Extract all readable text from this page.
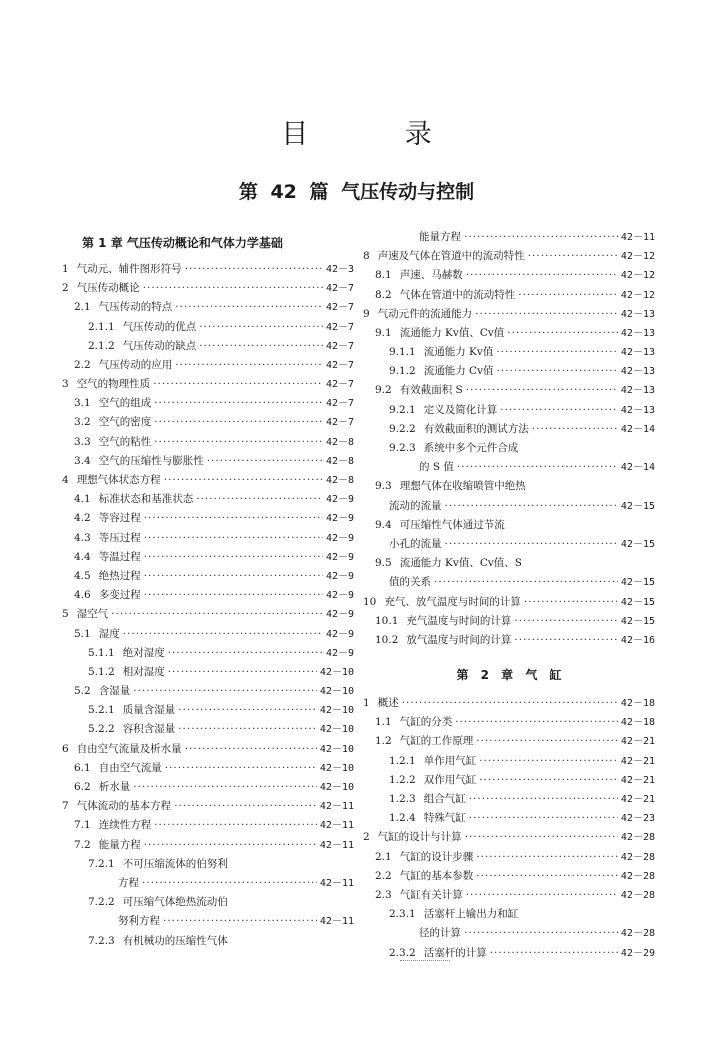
目 录
第 42 篇 气压传动与控制
第 1 章 气压传动概论和气体力学基础
1 气动元、辅件图形符号 ·····	42－3
2 气压传动概论 ·····	42－7
2.1 气压传动的特点 ·····	42－7
2.1.1 气压传动的优点 ·····	42－7
2.1.2 气压传动的缺点 ·····	42－7
2.2 气压传动的应用 ·····	42－7
3 空气的物理性质 ·····	42－7
3.1 空气的组成 ·····	42－7
3.2 空气的密度 ·····	42－7
3.3 空气的粘性 ·····	42－8
3.4 空气的压缩性与膨胀性 ·····	42－8
4 理想气体状态方程 ·····	42－8
4.1 标准状态和基准状态 ·····	42－9
4.2 等容过程 ·····	42－9
4.3 等压过程 ·····	42－9
4.4 等温过程 ·····	42－9
4.5 绝热过程 ·····	42－9
4.6 多变过程 ·····	42－9
5 湿空气 ·····	42－9
5.1 湿度 ·····	42－9
5.1.1 绝对湿度 ·····	42－9
5.1.2 相对湿度 ·····	42－10
5.2 含湿量 ·····	42－10
5.2.1 质量含湿量 ·····	42－10
5.2.2 容积含湿量 ·····	42－10
6 自由空气流量及析水量 ·····	42－10
6.1 自由空气流量 ·····	42－10
6.2 析水量 ·····	42－10
7 气体流动的基本方程 ·····	42－11
7.1 连续性方程 ·····	42－11
7.2 能量方程 ·····	42－11
7.2.1 不可压缩流体的伯努利
方程 ·····	42－11
7.2.2 可压缩气体绝热流动伯
努利方程 ·····	42－11
7.2.3 有机械功的压缩性气体
能量方程 ·····	42－11
8 声速及气体在管道中的流动特性 ·····	42－12
8.1 声速、马赫数 ·····	42－12
8.2 气体在管道中的流动特性 ·····	42－12
9 气动元件的流通能力 ·····	42－13
9.1 流通能力 Kv值、Cv值 ·····	42－13
9.1.1 流通能力 Kv值 ·····	42－13
9.1.2 流通能力 Cv值 ·····	42－13
9.2 有效截面积 S ·····	42－13
9.2.1 定义及简化计算 ·····	42－13
9.2.2 有效截面积的测试方法 ·····	42－14
9.2.3 系统中多个元件合成
的 S 值 ·····	42－14
9.3 理想气体在收缩喷管中绝热
流动的流量 ·····	42－15
9.4 可压缩性气体通过节流
小孔的流量 ·····	42－15
9.5 流通能力 Kv值、Cv值、S
值的关系 ·····	42－15
10 充气、放气温度与时间的计算 ·····	42－15
10.1 充气温度与时间的计算 ·····	42－15
10.2 放气温度与时间的计算 ·····	42－16
第 2 章 气 缸
1 概述 ·····	42－18
1.1 气缸的分类 ·····	42－18
1.2 气缸的工作原理 ·····	42－21
1.2.1 单作用气缸 ·····	42－21
1.2.2 双作用气缸 ·····	42－21
1.2.3 组合气缸 ·····	42－21
1.2.4 特殊气缸 ·····	42－23
2 气缸的设计与计算 ·····	42－28
2.1 气缸的设计步骤 ·····	42－28
2.2 气缸的基本参数 ·····	42－28
2.3 气缸有关计算 ·····	42－28
2.3.1 活塞杆上输出力和缸
径的计算 ·····	42－28
2.3.2 活塞杆的计算 ·····	42－29
